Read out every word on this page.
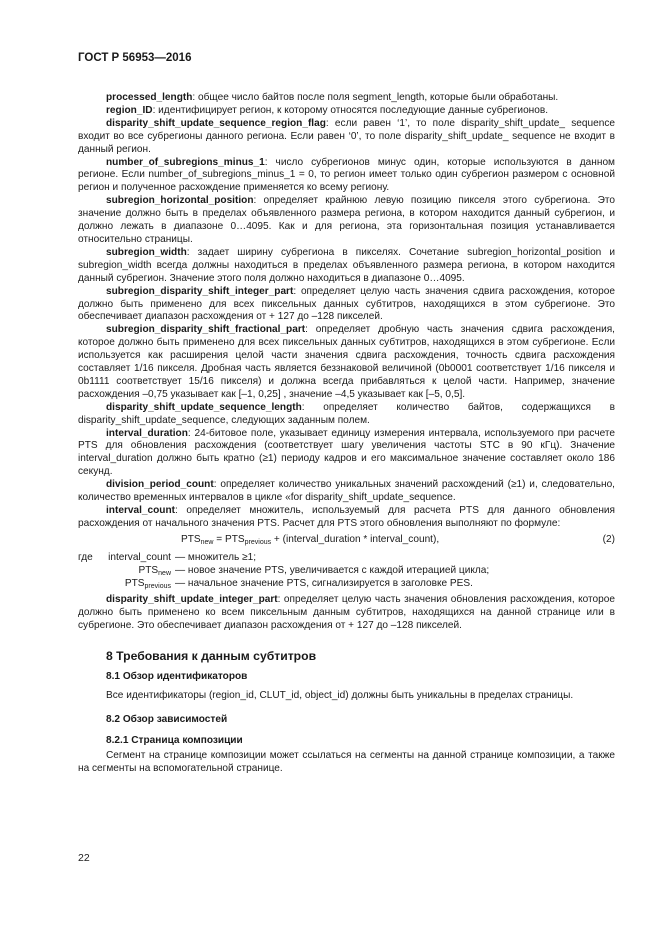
ГОСТ Р 56953—2016

processed_length: общее число байтов после поля segment_length, которые были обработаны.

region_ID: идентифицирует регион, к которому относятся последующие данные субрегионов.

disparity_shift_update_sequence_region_flag: если равен ‘1’, то поле disparity_shift_update_ sequence входит во все субрегионы данного региона. Если равен ‘0’, то поле disparity_shift_update_ sequence не входит в данный регион.

number_of_subregions_minus_1: число субрегионов минус один, которые используются в данном регионе. Если number_of_subregions_minus_1 = 0, то регион имеет только один субрегион размером с основной регион и полученное расхождение применяется ко всему региону.

subregion_horizontal_position: определяет крайнюю левую позицию пикселя этого субрегиона. Это значение должно быть в пределах объявленного размера региона, в котором находится данный субрегион, и должно лежать в диапазоне 0…4095. Как и для региона, эта горизонтальная позиция устанавливается относительно страницы.

subregion_width: задает ширину субрегиона в пикселях. Сочетание subregion_horizontal_position и subregion_width всегда должны находиться в пределах объявленного размера региона, в котором находится данный субрегион. Значение этого поля должно находиться в диапазоне 0…4095.

subregion_disparity_shift_integer_part: определяет целую часть значения сдвига расхождения, которое должно быть применено для всех пиксельных данных субтитров, находящихся в этом субрегионе. Это обеспечивает диапазон расхождения от + 127 до –128 пикселей.

subregion_disparity_shift_fractional_part: определяет дробную часть значения сдвига расхождения, которое должно быть применено для всех пиксельных данных субтитров, находящихся в этом субрегионе. Если используется как расширения целой части значения сдвига расхождения, точность сдвига расхождения составляет 1/16 пикселя. Дробная часть является беззнаковой величиной (0b0001 соответствует 1/16 пикселя и 0b1111 соответствует 15/16 пикселя) и должна всегда прибавляться к целой части. Например, значение расхождения –0,75 указывает как [–1, 0,25] , значение –4,5 указывает как [–5, 0,5].

disparity_shift_update_sequence_length: определяет количество байтов, содержащихся в disparity_shift_update_sequence, следующих заданным полем.

interval_duration: 24-битовое поле, указывает единицу измерения интервала, используемого при расчете PTS для обновления расхождения (соответствует шагу увеличения частоты STC в 90 кГц). Значение interval_duration должно быть кратно (≥1) периоду кадров и его максимальное значение составляет около 186 секунд.

division_period_count: определяет количество уникальных значений расхождений (≥1) и, следовательно, количество временных интервалов в цикле «for disparity_shift_update_sequence.

interval_count: определяет множитель, используемый для расчета PTS для данного обновления расхождения от начального значения PTS. Расчет для PTS этого обновления выполняют по формуле:

$PTS_{new} = PTS_{previous}$ + (interval_duration * interval_count),	(2)
где	interval_count — множитель ≥1;
$PTS_{new}$ — новое значение PTS, увеличивается с каждой итерацией цикла;
$PTS_{previous}$ — начальное значение PTS, сигнализируется в заголовке PES.

disparity_shift_update_integer_part: определяет целую часть значения обновления расхождения, которое должно быть применено ко всем пиксельным данным субтитров, находящихся на данной странице или в субрегионе. Это обеспечивает диапазон расхождения от + 127 до –128 пикселей.

8 Требования к данным субтитров
8.1 Обзор идентификаторов

Все идентификаторы (region_id, CLUT_id, object_id) должны быть уникальны в пределах страницы.

8.2 Обзор зависимостей
8.2.1 Страница композиции

Сегмент на странице композиции может ссылаться на сегменты на данной странице композиции, а также на сегменты на вспомогательной странице.

22
